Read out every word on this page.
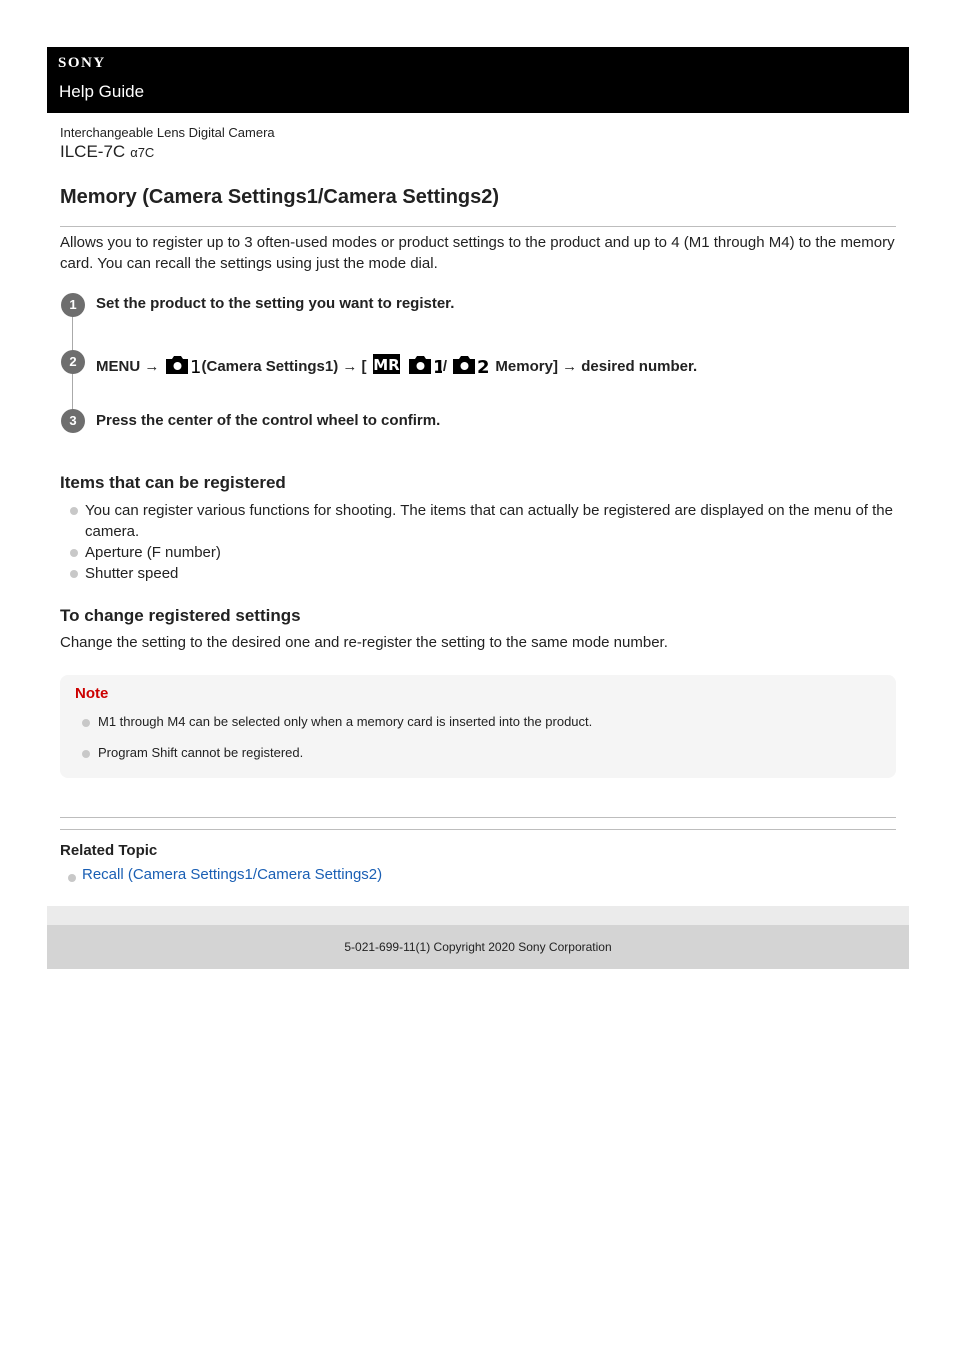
SONY
Help Guide
Interchangeable Lens Digital Camera
ILCE-7C α7C
Memory (Camera Settings1/Camera Settings2)

Allows you to register up to 3 often-used modes or product settings to the product and up to 4 (M1 through M4) to the memory card. You can recall the settings using just the mode dial.

1	Set the product to the setting you want to register.
2	MENU → 1 (Camera Settings1) → [ MR
1
/ 2 Memory] → desired number.
3	Press the center of the control wheel to confirm.
Items that can be registered
You can register various functions for shooting. The items that can actually be registered are displayed on the menu of the camera.
Aperture (F number)
Shutter speed
To change registered settings

Change the setting to the desired one and re-register the setting to the same mode number.

Note
M1 through M4 can be selected only when a memory card is inserted into the product.
Program Shift cannot be registered.
Related Topic
Recall (Camera Settings1/Camera Settings2)
5-021-699-11(1) Copyright 2020 Sony Corporation
